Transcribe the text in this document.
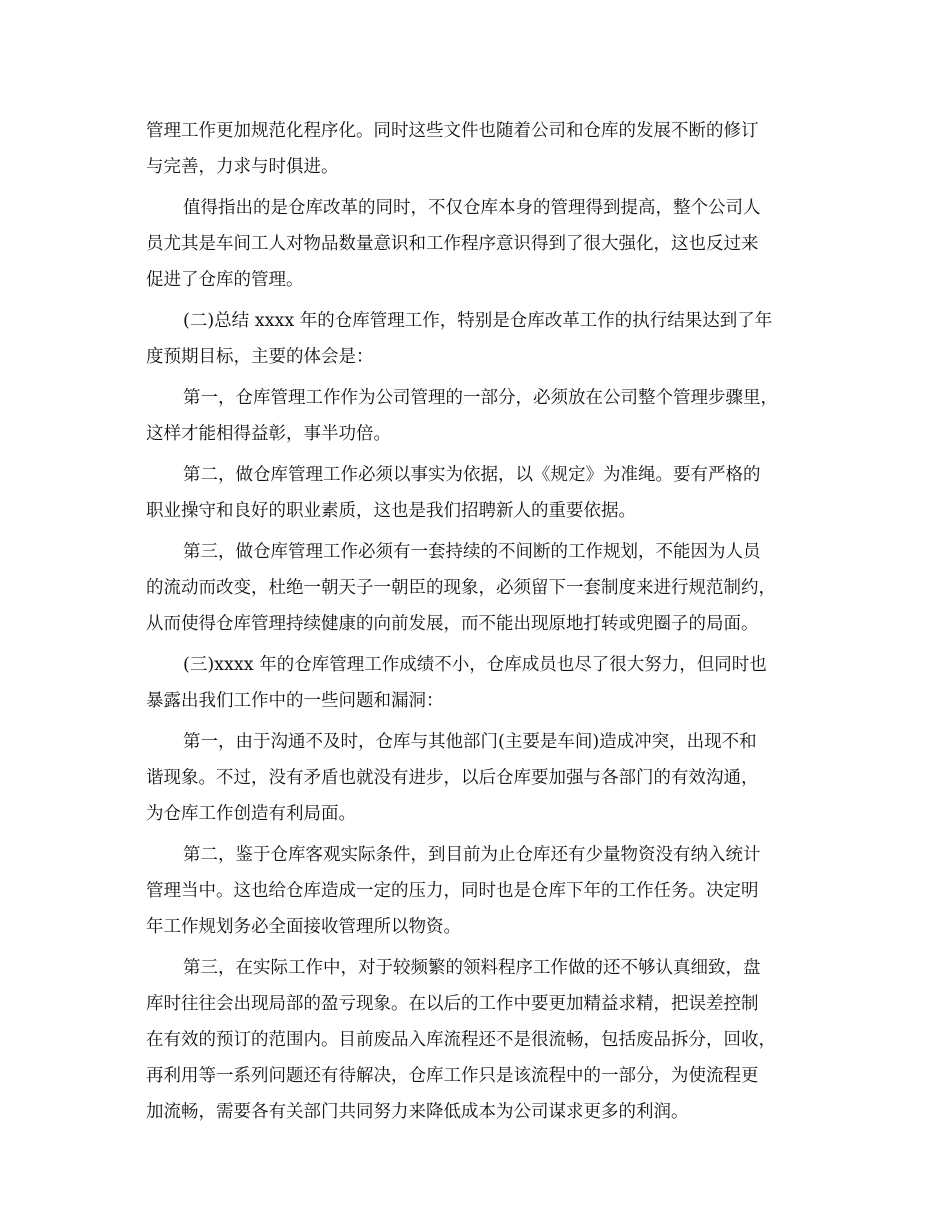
管理工作更加规范化程序化。同时这些文件也随着公司和仓库的发展不断的修订
与完善，力求与时俱进。
值得指出的是仓库改革的同时，不仅仓库本身的管理得到提高，整个公司人
员尤其是车间工人对物品数量意识和工作程序意识得到了很大强化，这也反过来
促进了仓库的管理。
(二)总结 xxxx 年的仓库管理工作，特别是仓库改革工作的执行结果达到了年
度预期目标，主要的体会是：
第一，仓库管理工作作为公司管理的一部分，必须放在公司整个管理步骤里，
这样才能相得益彰，事半功倍。
第二，做仓库管理工作必须以事实为依据，以《规定》为准绳。要有严格的
职业操守和良好的职业素质，这也是我们招聘新人的重要依据。
第三，做仓库管理工作必须有一套持续的不间断的工作规划，不能因为人员
的流动而改变，杜绝一朝天子一朝臣的现象，必须留下一套制度来进行规范制约，
从而使得仓库管理持续健康的向前发展，而不能出现原地打转或兜圈子的局面。
(三)xxxx 年的仓库管理工作成绩不小，仓库成员也尽了很大努力，但同时也
暴露出我们工作中的一些问题和漏洞：
第一，由于沟通不及时，仓库与其他部门(主要是车间)造成冲突，出现不和
谐现象。不过，没有矛盾也就没有进步，以后仓库要加强与各部门的有效沟通，
为仓库工作创造有利局面。
第二，鉴于仓库客观实际条件，到目前为止仓库还有少量物资没有纳入统计
管理当中。这也给仓库造成一定的压力，同时也是仓库下年的工作任务。决定明
年工作规划务必全面接收管理所以物资。
第三，在实际工作中，对于较频繁的领料程序工作做的还不够认真细致，盘
库时往往会出现局部的盈亏现象。在以后的工作中要更加精益求精，把误差控制
在有效的预订的范围内。目前废品入库流程还不是很流畅，包括废品拆分，回收，
再利用等一系列问题还有待解决，仓库工作只是该流程中的一部分，为使流程更
加流畅，需要各有关部门共同努力来降低成本为公司谋求更多的利润。
